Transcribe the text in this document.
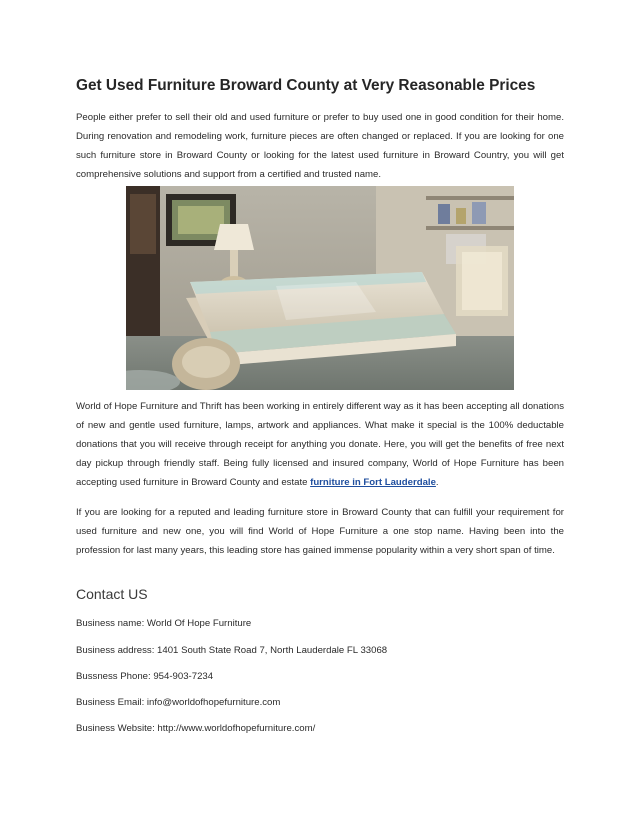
Get Used Furniture Broward County at Very Reasonable Prices

People either prefer to sell their old and used furniture or prefer to buy used one in good condition for their home. During renovation and remodeling work, furniture pieces are often changed or replaced. If you are looking for one such furniture store in Broward County or looking for the latest used furniture in Broward Country, you will get comprehensive solutions and support from a certified and trusted name.

World of Hope Furniture and Thrift has been working in entirely different way as it has been accepting all donations of new and gentle used furniture, lamps, artwork and appliances. What make it special is the 100% deductable donations that you will receive through receipt for anything you donate. Here, you will get the benefits of free next day pickup through friendly staff. Being fully licensed and insured company, World of Hope Furniture has been accepting used furniture in Broward County and estate furniture in Fort Lauderdale.

If you are looking for a reputed and leading furniture store in Broward County that can fulfill your requirement for used furniture and new one, you will find World of Hope Furniture a one stop name. Having been into the profession for last many years, this leading store has gained immense popularity within a very short span of time.

Contact US

Business name: World Of Hope Furniture

Business address: 1401 South State Road 7, North Lauderdale FL 33068

Bussness Phone: 954-903-7234

Business Email: info@worldofhopefurniture.com

Business Website: http://www.worldofhopefurniture.com/
